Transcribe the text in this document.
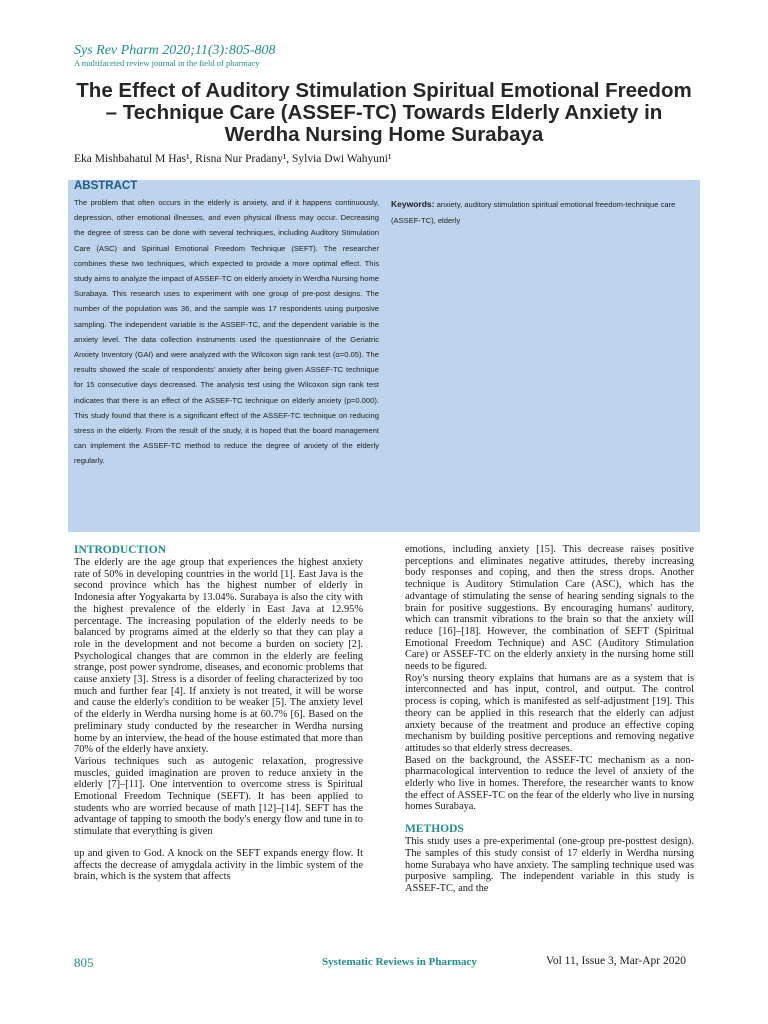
Sys Rev Pharm 2020;11(3):805-808

A multifaceted review journal in the field of pharmacy

The Effect of Auditory Stimulation Spiritual Emotional Freedom – Technique Care (ASSEF-TC) Towards Elderly Anxiety in Werdha Nursing Home Surabaya

Eka Mishbahatul M Has¹, Risna Nur Pradany¹, Sylvia Dwi Wahyuni¹

ABSTRACT

The problem that often occurs in the elderly is anxiety, and if it happens continuously, depression, other emotional illnesses, and even physical illness may occur. Decreasing the degree of stress can be done with several techniques, including Auditory Stimulation Care (ASC) and Spiritual Emotional Freedom Technique (SEFT). The researcher combines these two techniques, which expected to provide a more optimal effect. This study aims to analyze the impact of ASSEF-TC on elderly anxiety in Werdha Nursing home Surabaya. This research uses to experiment with one group of pre-post designs. The number of the population was 36, and the sample was 17 respondents using purposive sampling. The independent variable is the ASSEF-TC, and the dependent variable is the anxiety level. The data collection instruments used the questionnaire of the Geriatric Anxiety Inventory (GAI) and were analyzed with the Wilcoxon sign rank test (α=0.05). The results showed the scale of respondents' anxiety after being given ASSEF-TC technique for 15 consecutive days decreased. The analysis test using the Wilcoxon sign rank test indicates that there is an effect of the ASSEF-TC technique on elderly anxiety (p=0.000). This study found that there is a significant effect of the ASSEF-TC technique on reducing stress in the elderly. From the result of the study, it is hoped that the board management can implement the ASSEF-TC method to reduce the degree of anxiety of the elderly regularly.

Keywords: anxiety, auditory stimulation spiritual emotional freedom-technique care (ASSEF-TC), elderly

INTRODUCTION

The elderly are the age group that experiences the highest anxiety rate of 50% in developing countries in the world [1]. East Java is the second province which has the highest number of elderly in Indonesia after Yogyakarta by 13.04%. Surabaya is also the city with the highest prevalence of the elderly in East Java at 12.95% percentage. The increasing population of the elderly needs to be balanced by programs aimed at the elderly so that they can play a role in the development and not become a burden on society [2]. Psychological changes that are common in the elderly are feeling strange, post power syndrome, diseases, and economic problems that cause anxiety [3]. Stress is a disorder of feeling characterized by too much and further fear [4]. If anxiety is not treated, it will be worse and cause the elderly's condition to be weaker [5]. The anxiety level of the elderly in Werdha nursing home is at 60.7% [6]. Based on the preliminary study conducted by the researcher in Werdha nursing home by an interview, the head of the house estimated that more than 70% of the elderly have anxiety.

Various techniques such as autogenic relaxation, progressive muscles, guided imagination are proven to reduce anxiety in the elderly [7]–[11]. One intervention to overcome stress is Spiritual Emotional Freedom Technique (SEFT). It has been applied to students who are worried because of math [12]–[14]. SEFT has the advantage of tapping to smooth the body's energy flow and tune in to stimulate that everything is given

up and given to God. A knock on the SEFT expands energy flow. It affects the decrease of amygdala activity in the limbic system of the brain, which is the system that affects

emotions, including anxiety [15]. This decrease raises positive perceptions and eliminates negative attitudes, thereby increasing body responses and coping, and then the stress drops. Another technique is Auditory Stimulation Care (ASC), which has the advantage of stimulating the sense of hearing sending signals to the brain for positive suggestions. By encouraging humans' auditory, which can transmit vibrations to the brain so that the anxiety will reduce [16]–[18]. However, the combination of SEFT (Spiritual Emotional Freedom Technique) and ASC (Auditory Stimulation Care) or ASSEF-TC on the elderly anxiety in the nursing home still needs to be figured.

Roy's nursing theory explains that humans are as a system that is interconnected and has input, control, and output. The control process is coping, which is manifested as self-adjustment [19]. This theory can be applied in this research that the elderly can adjust anxiety because of the treatment and produce an effective coping mechanism by building positive perceptions and removing negative attitudes so that elderly stress decreases.

Based on the background, the ASSEF-TC mechanism as a non-pharmacological intervention to reduce the level of anxiety of the elderly who live in homes. Therefore, the researcher wants to know the effect of ASSEF-TC on the fear of the elderly who live in nursing homes Surabaya.

METHODS

This study uses a pre-experimental (one-group pre-posttest design). The samples of this study consist of 17 elderly in Werdha nursing home Surabaya who have anxiety. The sampling technique used was purposive sampling. The independent variable in this study is ASSEF-TC, and the

805	Systematic Reviews in Pharmacy	Vol 11, Issue 3, Mar-Apr 2020
